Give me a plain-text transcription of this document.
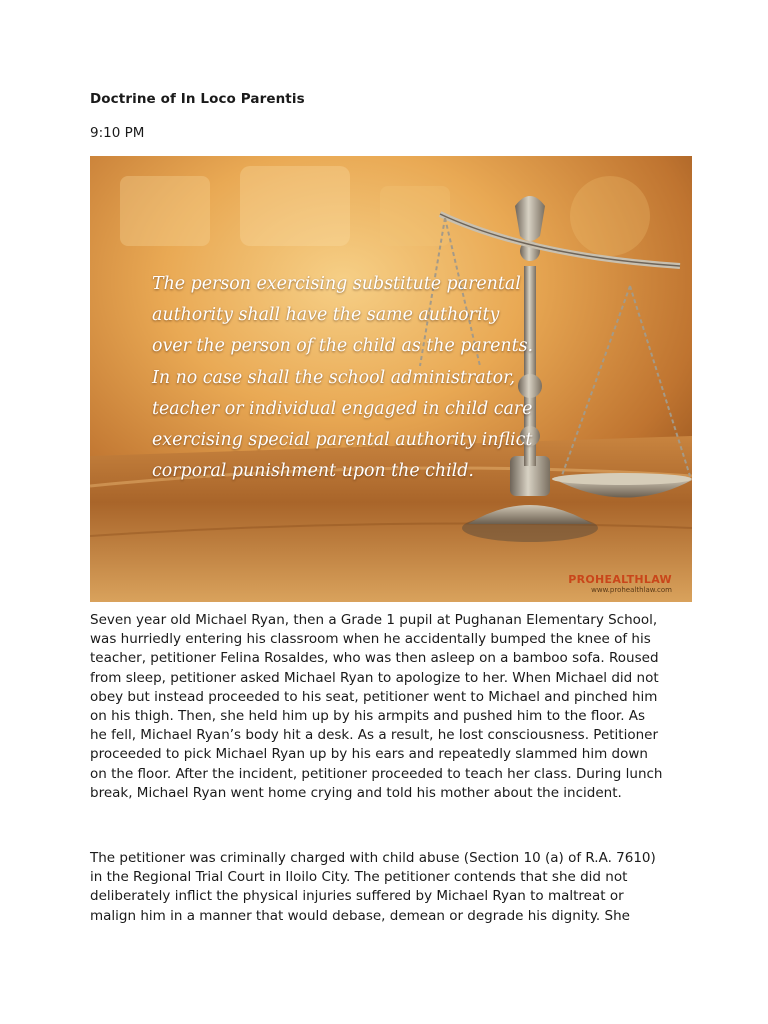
Doctrine of In Loco Parentis
9:10 PM
The person exercising substitute parental
authority shall have the same authority
over the person of the child as the parents.
In no case shall the school administrator,
teacher or individual engaged in child care
exercising special parental authority inflict
corporal punishment upon the child.
PROHEALTHLAW
www.prohealthlaw.com
Seven year old Michael Ryan, then a Grade 1 pupil at Pughanan Elementary School,
was hurriedly entering his classroom when he accidentally bumped the knee of his
teacher, petitioner Felina Rosaldes, who was then asleep on a bamboo sofa. Roused
from sleep, petitioner asked Michael Ryan to apologize to her. When Michael did not
obey but instead proceeded to his seat, petitioner went to Michael and pinched him
on his thigh. Then, she held him up by his armpits and pushed him to the floor. As
he fell, Michael Ryan’s body hit a desk. As a result, he lost consciousness. Petitioner
proceeded to pick Michael Ryan up by his ears and repeatedly slammed him down
on the floor. After the incident, petitioner proceeded to teach her class. During lunch
break, Michael Ryan went home crying and told his mother about the incident.
The petitioner was criminally charged with child abuse (Section 10 (a) of R.A. 7610)
in the Regional Trial Court in Iloilo City. The petitioner contends that she did not
deliberately inflict the physical injuries suffered by Michael Ryan to maltreat or
malign him in a manner that would debase, demean or degrade his dignity. She
